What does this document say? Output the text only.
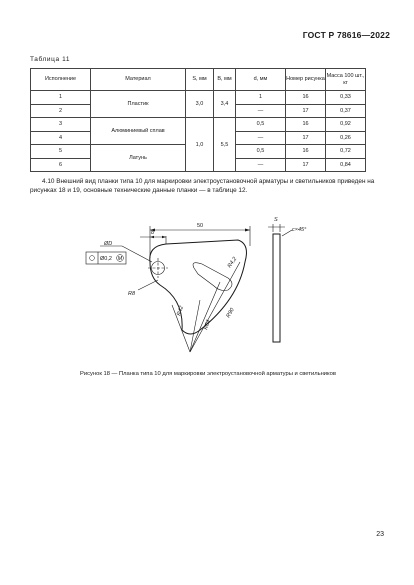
ГОСТ Р 78616—2022
Таблица 11
Исполнение	Материал	S, мм	В, мм	d, мм	Номер рисунка	Масса 100 шт., кг
1	Пластик	3,0	3,4	1	16	0,33
2				—	17	0,37
3	Алюминиевый сплав	1,0	5,5	0,5	16	0,92
4				—	17	0,26
5	Латунь			0,5	16	0,72
6				—	17	0,84

4.10 Внешний вид планки типа 10 для маркировки электроустановочной арматуры и светильников приведен на рисунках 18 и 19, основные технические данные планки — в таблице 12.

50
8
S
c×45°
ØD
Ø0,2 M
R8
R4,2
R42
R64
R90
Рисунок 18 — Планка типа 10 для маркировки электроустановочной арматуры и светильников
23
